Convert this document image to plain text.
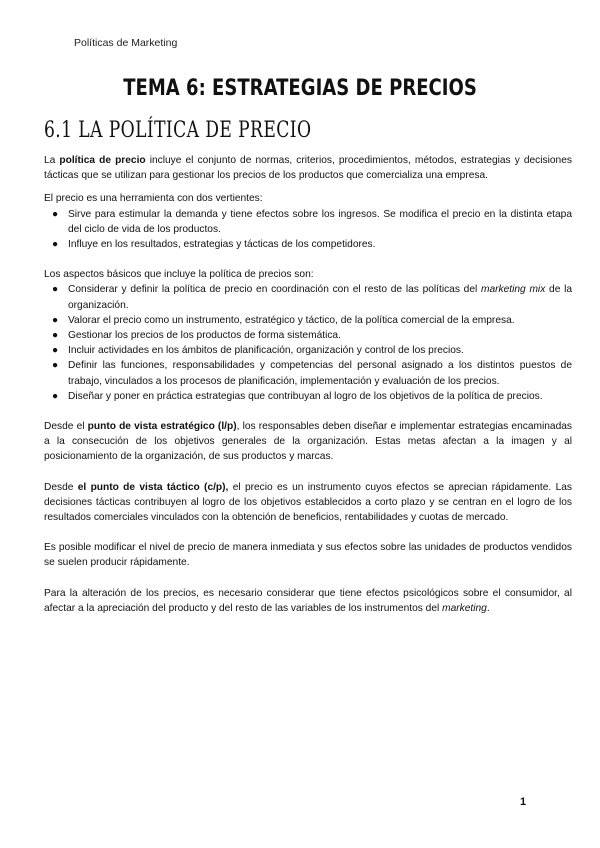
Políticas de Marketing
TEMA 6: ESTRATEGIAS DE PRECIOS
6.1 LA POLÍTICA DE PRECIO

La política de precio incluye el conjunto de normas, criterios, procedimientos, métodos, estrategias y decisiones tácticas que se utilizan para gestionar los precios de los productos que comercializa una empresa.

El precio es una herramienta con dos vertientes:

● Sirve para estimular la demanda y tiene efectos sobre los ingresos. Se modifica el precio en la distinta etapa del ciclo de vida de los productos.
● Influye en los resultados, estrategias y tácticas de los competidores.

Los aspectos básicos que incluye la política de precios son:

● Considerar y definir la política de precio en coordinación con el resto de las políticas del marketing mix de la organización.
● Valorar el precio como un instrumento, estratégico y táctico, de la política comercial de la empresa.
● Gestionar los precios de los productos de forma sistemática.
● Incluir actividades en los ámbitos de planificación, organización y control de los precios.
● Definir las funciones, responsabilidades y competencias del personal asignado a los distintos puestos de trabajo, vinculados a los procesos de planificación, implementación y evaluación de los precios.
● Diseñar y poner en práctica estrategias que contribuyan al logro de los objetivos de la política de precios.

Desde el punto de vista estratégico (l/p), los responsables deben diseñar e implementar estrategias encaminadas a la consecución de los objetivos generales de la organización. Estas metas afectan a la imagen y al posicionamiento de la organización, de sus productos y marcas.

Desde el punto de vista táctico (c/p), el precio es un instrumento cuyos efectos se aprecian rápidamente. Las decisiones tácticas contribuyen al logro de los objetivos establecidos a corto plazo y se centran en el logro de los resultados comerciales vinculados con la obtención de beneficios, rentabilidades y cuotas de mercado.

Es posible modificar el nivel de precio de manera inmediata y sus efectos sobre las unidades de productos vendidos se suelen producir rápidamente.

Para la alteración de los precios, es necesario considerar que tiene efectos psicológicos sobre el consumidor, al afectar a la apreciación del producto y del resto de las variables de los instrumentos del marketing.

1
